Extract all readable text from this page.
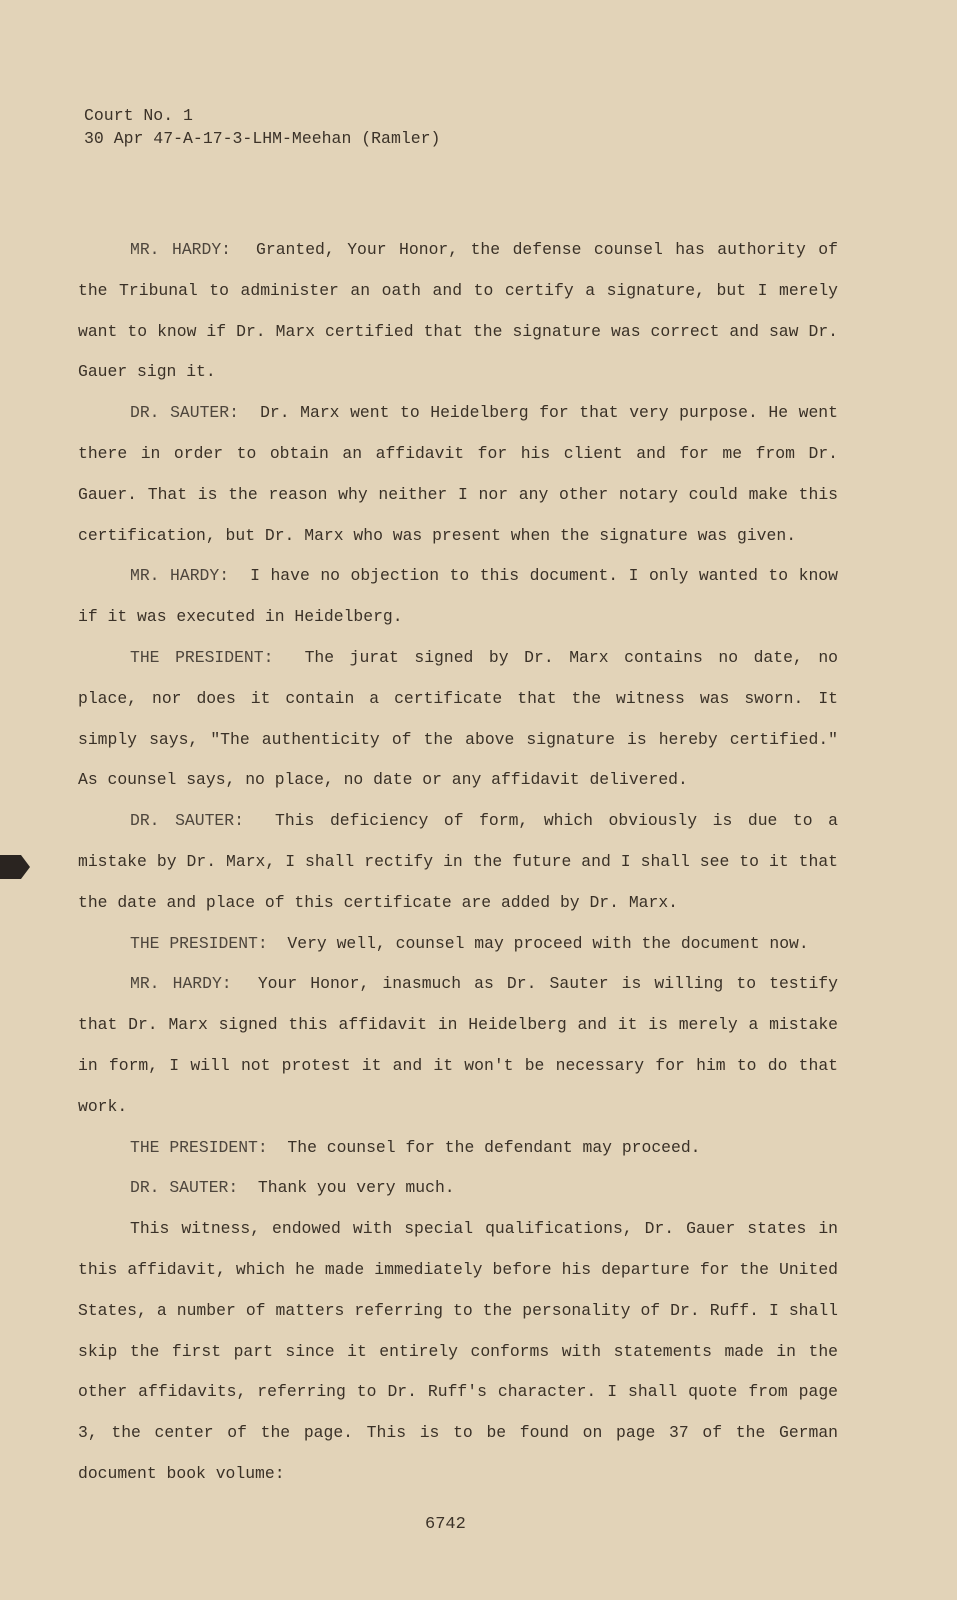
Court No. 1
30 Apr 47-A-17-3-LHM-Meehan (Ramler)

MR. HARDY: Granted, Your Honor, the defense counsel has authority of the Tribunal to administer an oath and to certify a signature, but I merely want to know if Dr. Marx certified that the signature was correct and saw Dr. Gauer sign it.

DR. SAUTER: Dr. Marx went to Heidelberg for that very purpose. He went there in order to obtain an affidavit for his client and for me from Dr. Gauer. That is the reason why neither I nor any other notary could make this certification, but Dr. Marx who was present when the signature was given.

MR. HARDY: I have no objection to this document. I only wanted to know if it was executed in Heidelberg.

THE PRESIDENT: The jurat signed by Dr. Marx contains no date, no place, nor does it contain a certificate that the witness was sworn. It simply says, "The authenticity of the above signature is hereby certified." As counsel says, no place, no date or any affidavit delivered.

DR. SAUTER: This deficiency of form, which obviously is due to a mistake by Dr. Marx, I shall rectify in the future and I shall see to it that the date and place of this certificate are added by Dr. Marx.

THE PRESIDENT: Very well, counsel may proceed with the document now.

MR. HARDY: Your Honor, inasmuch as Dr. Sauter is willing to testify that Dr. Marx signed this affidavit in Heidelberg and it is merely a mistake in form, I will not protest it and it won't be necessary for him to do that work.

THE PRESIDENT: The counsel for the defendant may proceed.

DR. SAUTER: Thank you very much.

This witness, endowed with special qualifications, Dr. Gauer states in this affidavit, which he made immediately before his departure for the United States, a number of matters referring to the personality of Dr. Ruff. I shall skip the first part since it entirely conforms with statements made in the other affidavits, referring to Dr. Ruff's character. I shall quote from page 3, the center of the page. This is to be found on page 37 of the German document book volume:

6742
